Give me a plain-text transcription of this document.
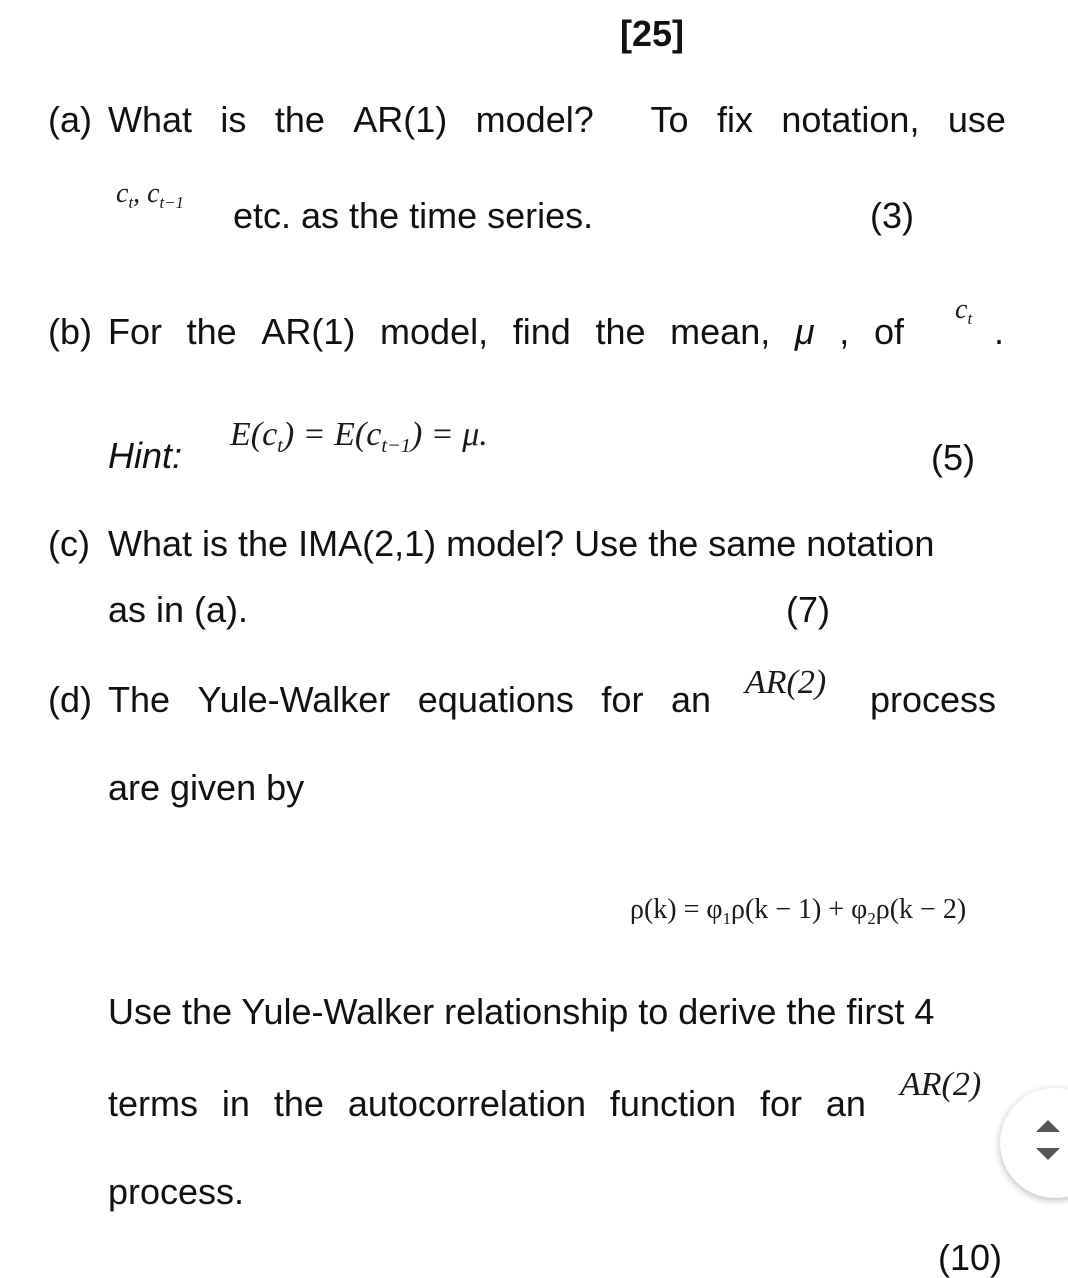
[25]
(a) What is the AR(1) model? To fix notation, use
$c_t$, $c_{t-1}$ etc. as the time series.	(3)
(b) For the AR(1) model, find the mean, μ , of
$c_t$ .
Hint:
$E(c_t) = E(c_{t-1}) = \mu$.
(5)
(c) What is the IMA(2,1) model? Use the same notation
as in (a).	(7)
(d) The Yule-Walker equations for an AR(2) process
are given by
$\rho(k) = \varphi_1\rho(k - 1) + \varphi_2\rho(k - 2)$
Use the Yule-Walker relationship to derive the first 4
terms in the autocorrelation function for an AR(2)
process.
(10)
